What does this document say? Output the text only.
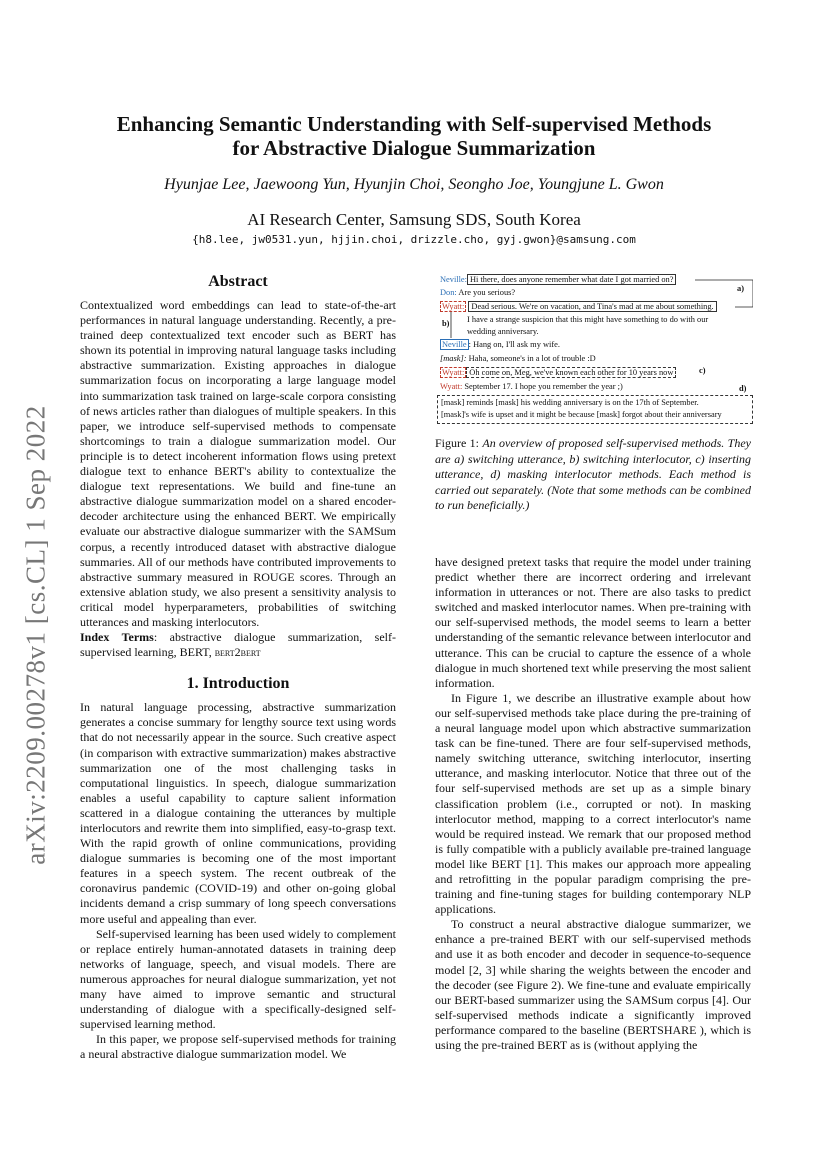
arXiv:2209.00278v1 [cs.CL] 1 Sep 2022
Enhancing Semantic Understanding with Self-supervised Methods
for Abstractive Dialogue Summarization
Hyunjae Lee, Jaewoong Yun, Hyunjin Choi, Seongho Joe, Youngjune L. Gwon
AI Research Center, Samsung SDS, South Korea
{h8.lee, jw0531.yun, hjjin.choi, drizzle.cho, gyj.gwon}@samsung.com
Abstract

Contextualized word embeddings can lead to state-of-the-art performances in natural language understanding. Recently, a pre-trained deep contextualized text encoder such as BERT has shown its potential in improving natural language tasks including abstractive summarization. Existing approaches in dialogue summarization focus on incorporating a large language model into summarization task trained on large-scale corpora consisting of news articles rather than dialogues of multiple speakers. In this paper, we introduce self-supervised methods to compensate shortcomings to train a dialogue summarization model. Our principle is to detect incoherent information flows using pretext dialogue text to enhance BERT's ability to contextualize the dialogue text representations. We build and fine-tune an abstractive dialogue summarization model on a shared encoder-decoder architecture using the enhanced BERT. We empirically evaluate our abstractive dialogue summarizer with the SAMSum corpus, a recently introduced dataset with abstractive dialogue summaries. All of our methods have contributed improvements to abstractive summary measured in ROUGE scores. Through an extensive ablation study, we also present a sensitivity analysis to critical model hyperparameters, probabilities of switching utterances and masking interlocutors.

Index Terms: abstractive dialogue summarization, self-supervised learning, BERT, bert2bert

1. Introduction

In natural language processing, abstractive summarization generates a concise summary for lengthy source text using words that do not necessarily appear in the source. Such creative aspect (in comparison with extractive summarization) makes abstractive summarization one of the most challenging tasks in computational linguistics. In speech, dialogue summarization enables a useful capability to capture salient information scattered in a dialogue containing the utterances by multiple interlocutors and rewrite them into simplified, easy-to-grasp text. With the rapid growth of online communications, providing dialogue summaries is becoming one of the most important features in a speech system. The recent outbreak of the coronavirus pandemic (COVID-19) and other on-going global incidents demand a crisp summary of long speech conversations more useful and appealing than ever.

Self-supervised learning has been used widely to complement or replace entirely human-annotated datasets in training deep networks of language, speech, and visual models. There are numerous approaches for neural dialogue summarization, yet not many have aimed to improve semantic and structural understanding of dialogue with a specifically-designed self-supervised learning method.

In this paper, we propose self-supervised methods for training a neural abstractive dialogue summarization model. We

Neville: Hi there, does anyone remember what date I got married on?
Don: Are you serious?
Wyatt: Dead serious. We're on vacation, and Tina's mad at me about something.
I have a strange suspicion that this might have something to do with our
wedding anniversary.
Neville : Hang on, I'll ask my wife.
[mask]: Haha, someone's in a lot of trouble :D
Wyatt: Oh come on, Meg, we've known each other for 10 years now
Wyatt: September 17. I hope you remember the year ;)
[mask] reminds [mask] his wedding anniversary is on the 17th of September.
[mask]'s wife is upset and it might be because [mask] forgot about their anniversary
a)
b)
c)
d)
Figure 1: An overview of proposed self-supervised methods. They are a) switching utterance, b) switching interlocutor, c) inserting utterance, d) masking interlocutor methods. Each method is carried out separately. (Note that some methods can be combined to run beneficially.)

have designed pretext tasks that require the model under training predict whether there are incorrect ordering and irrelevant information in utterances or not. There are also tasks to predict switched and masked interlocutor names. When pre-training with our self-supervised methods, the model seems to learn a better understanding of the semantic relevance between interlocutor and utterance. This can be crucial to capture the essence of a whole dialogue in much shortened text while preserving the most salient information.

In Figure 1, we describe an illustrative example about how our self-supervised methods take place during the pre-training of a neural language model upon which abstractive summarization task can be fine-tuned. There are four self-supervised methods, namely switching utterance, switching interlocutor, inserting utterance, and masking interlocutor. Notice that three out of the four self-supervised methods are set up as a simple binary classification problem (i.e., corrupted or not). In masking interlocutor method, mapping to a correct interlocutor's name would be required instead. We remark that our proposed method is fully compatible with a publicly available pre-trained language model like BERT [1]. This makes our approach more appealing and retrofitting in the popular paradigm comprising the pre-training and fine-tuning stages for building contemporary NLP applications.

To construct a neural abstractive dialogue summarizer, we enhance a pre-trained BERT with our self-supervised methods and use it as both encoder and decoder in sequence-to-sequence model [2, 3] while sharing the weights between the encoder and the decoder (see Figure 2). We fine-tune and evaluate empirically our BERT-based summarizer using the SAMSum corpus [4]. Our self-supervised methods indicate a significantly improved performance compared to the baseline (BERTSHARE ), which is using the pre-trained BERT as is (without applying the
